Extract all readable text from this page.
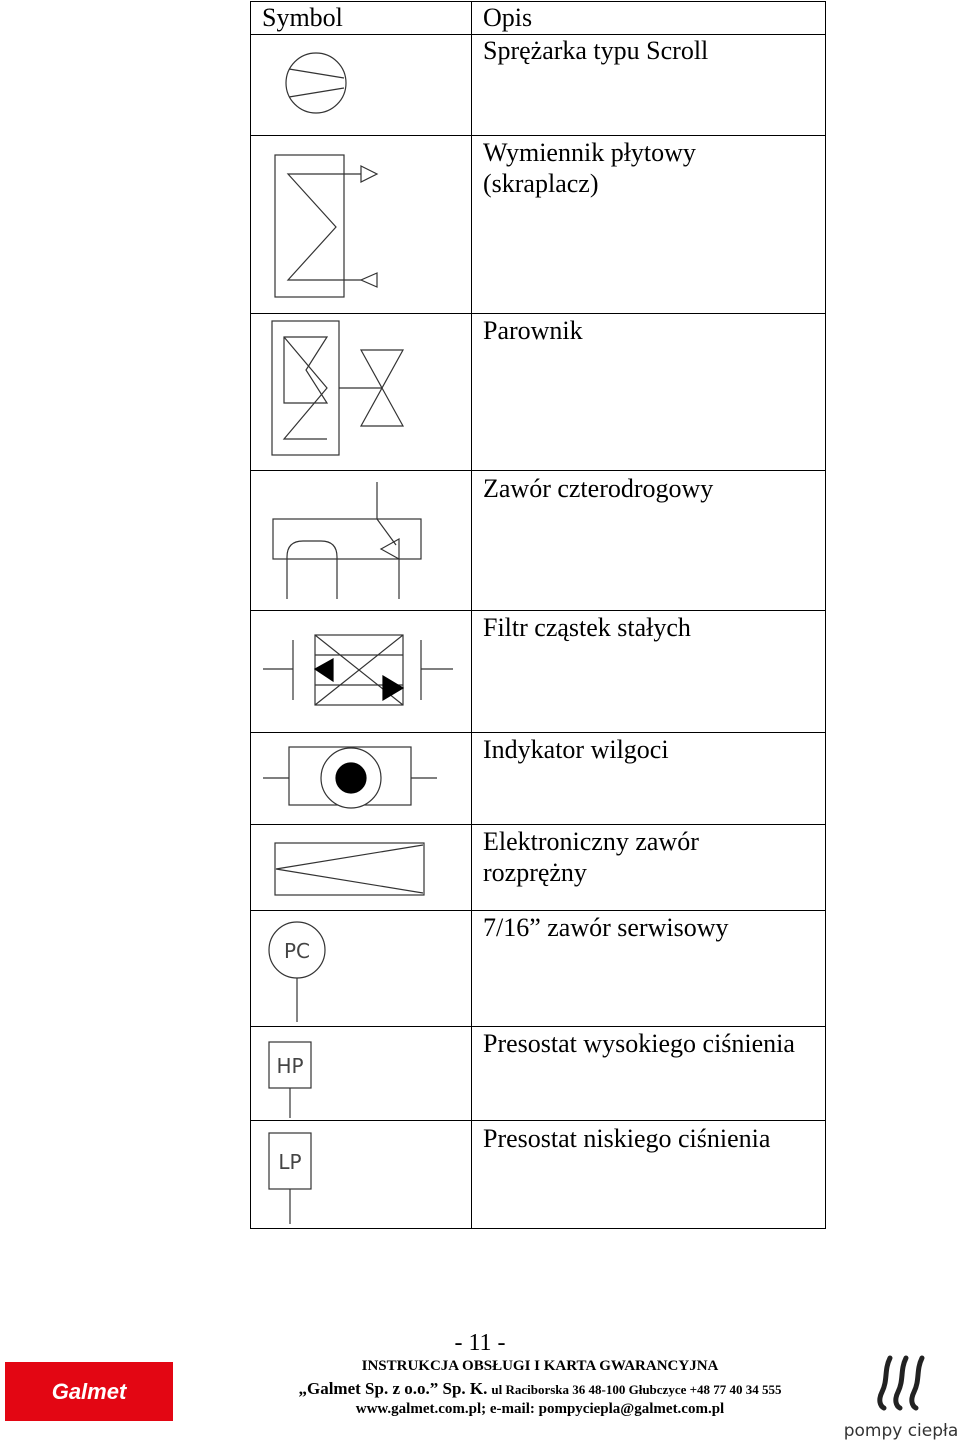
Symbol	Opis
Sprężarka typu Scroll
Wymiennik płytowy
(skraplacz)
Parownik
Zawór czterodrogowy
Filtr cząstek stałych
Indykator wilgoci
Elektroniczny zawór
rozprężny
7/16” zawór serwisowy
PC
Presostat wysokiego ciśnienia
HP
Presostat niskiego ciśnienia
LP
- 11 -
INSTRUKCJA OBSŁUGI I KARTA GWARANCYJNA
„Galmet Sp. z o.o.” Sp. K. ul Raciborska 36 48-100 Głubczyce +48 77 40 34 555
www.galmet.com.pl; e-mail: pompyciepla@galmet.com.pl
Galmet
pompy ciepła
